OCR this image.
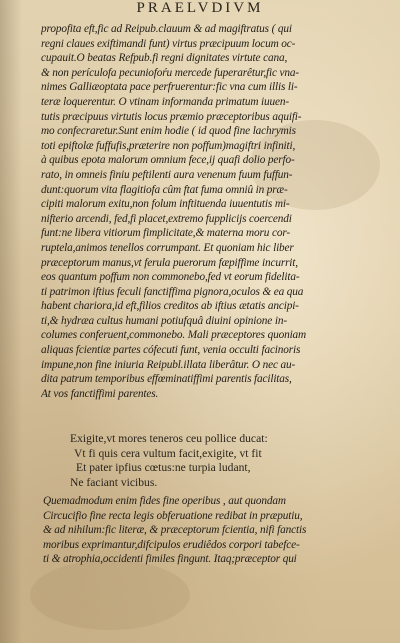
PRAELVDIVM
propofita eft,fic ad Reipub.clauum & ad magiftratus ( qui
regni claues exiftimandi funt) virtus præcipuum locum oc-
cupauit.O beatas Refpub.fi regni dignitates virtute cana,
& non perículofa pecuniofoŕu mercede fuperarêtur,fic vna-
nimes Galliæoptata pace perfruerentur:fic vna cum illis li-
teræ loquerentur. O vtinam informanda primatum iuuen-
tutis præcipuus virtutis locus præmio præceptoribus aquifi-
mo confecraretur.Sunt enim hodie ( id quod fine lachrymis
toti epiftolæ fuffufis,præterire non poffum)magiftri infiniti,
à quibus epota malorum omnium fece,ij quafi dolio perfo-
rato, in omneis finiu peftilenti aura venenum fuum fuffun-
dunt:quorum vita flagitiofa cûm ftat fuma omniû in præ-
cipiti malorum exitu,non folum inftituenda iuuentutis mi-
nifterio arcendi, fed,fi placet,extremo fupplicijs coercendi
funt:ne libera vitiorum fimplicitate,& materna moru cor-
ruptela,animos tenellos corrumpant. Et quoniam hic liber
præceptorum manus,vt ferula puerorum fæpiffime incurrit,
eos quantum poffum non commonebo,fed vt eorum fidelita-
ti patrimon iftius feculi fanctiffima pignora,oculos & ea qua
habent chariora,id eft,filios creditos ab iftius ætatis ancipi-
ti,& hydræa cultus humani potiufquâ diuini opinione in-
columes conferuent,commonebo. Mali præceptores quoniam
aliquas fcientiæ partes cófecuti funt, venia occulti facinoris
impune,non fine iniuria Reipubl.illata liberâtur. O nec au-
dita patrum temporibus effœminatiffimi parentis facilitas,
At vos fanctiffimi parentes.
Exigite,vt mores teneros ceu pollice ducat:
Vt fi quis cera vultum facit,exigite, vt fit
Et pater ipfius cœtus:ne turpia ludant,
Ne faciant vicibus.
Quemadmodum enim fides fine operibus , aut quondam
Circucifio fine recta legis obferuatione redibat in præputiu,
& ad nihilum:fic literæ, & præceptorum fcientia, nifi fanctis
moribus exprimantur,difcipulos erudiêdos corpori tabefce-
ti & atrophia,occidenti fimiles fingunt. Itaq;præceptor qui
